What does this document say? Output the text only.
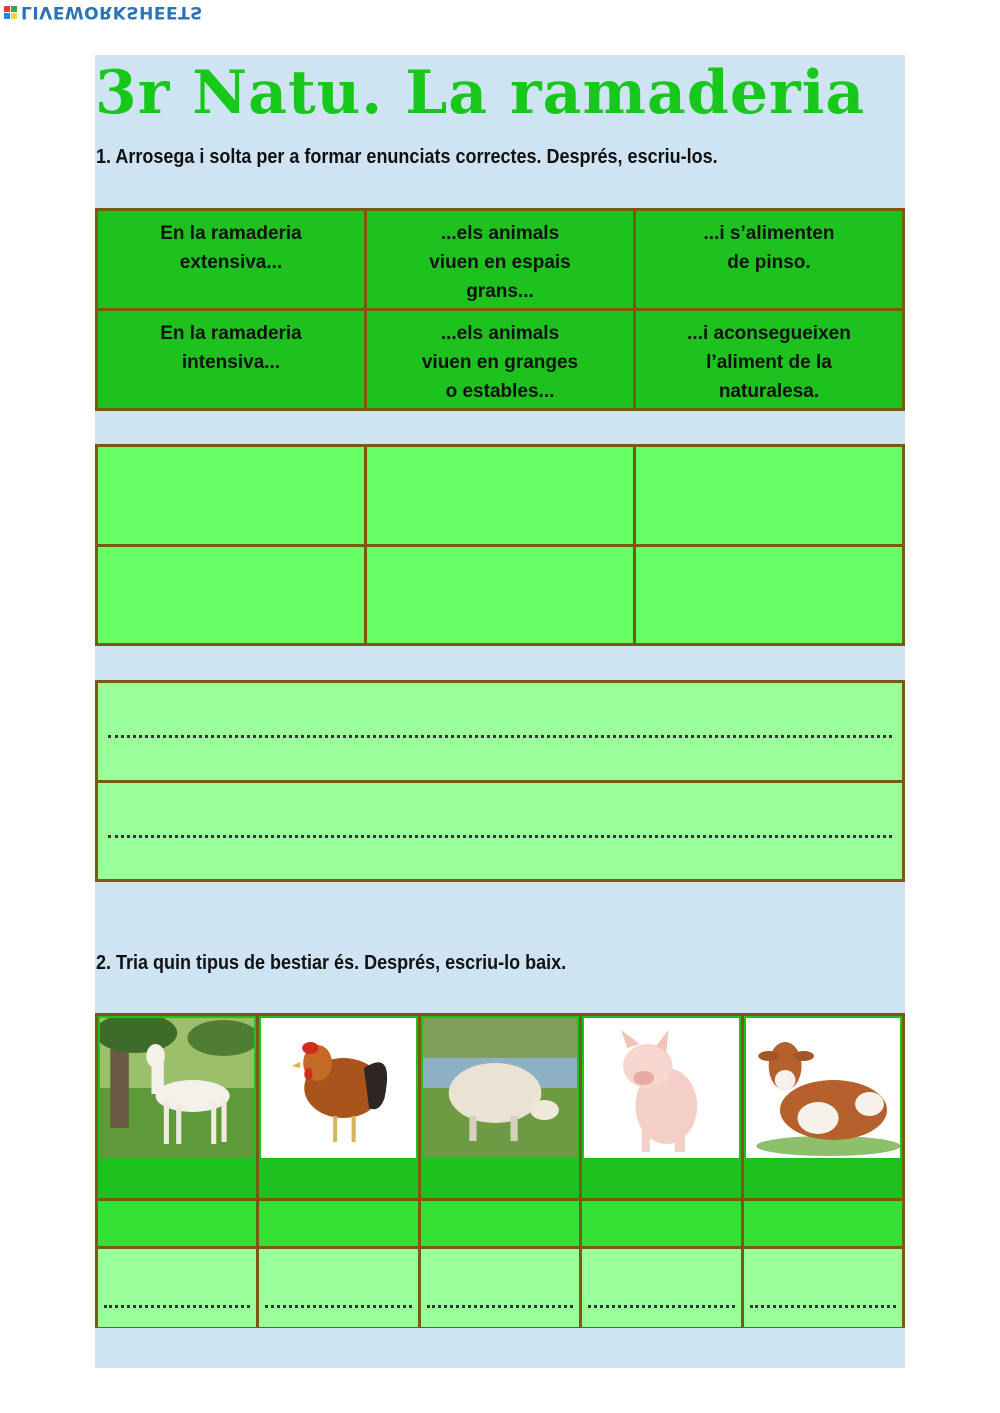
LIVEWORKSHEETS
3r Natu. La ramaderia
1. Arrosega i solta per a formar enunciats correctes. Després, escriu-los.
En la ramaderia
extensiva...
...els animals
viuen en espais
grans...
...i s’alimenten
de pinso.
En la ramaderia
intensiva...
...els animals
viuen en granges
o estables...
...i aconsegueixen
l’aliment de la
naturalesa.
2. Tria quin tipus de bestiar és. Després, escriu-lo baix.
